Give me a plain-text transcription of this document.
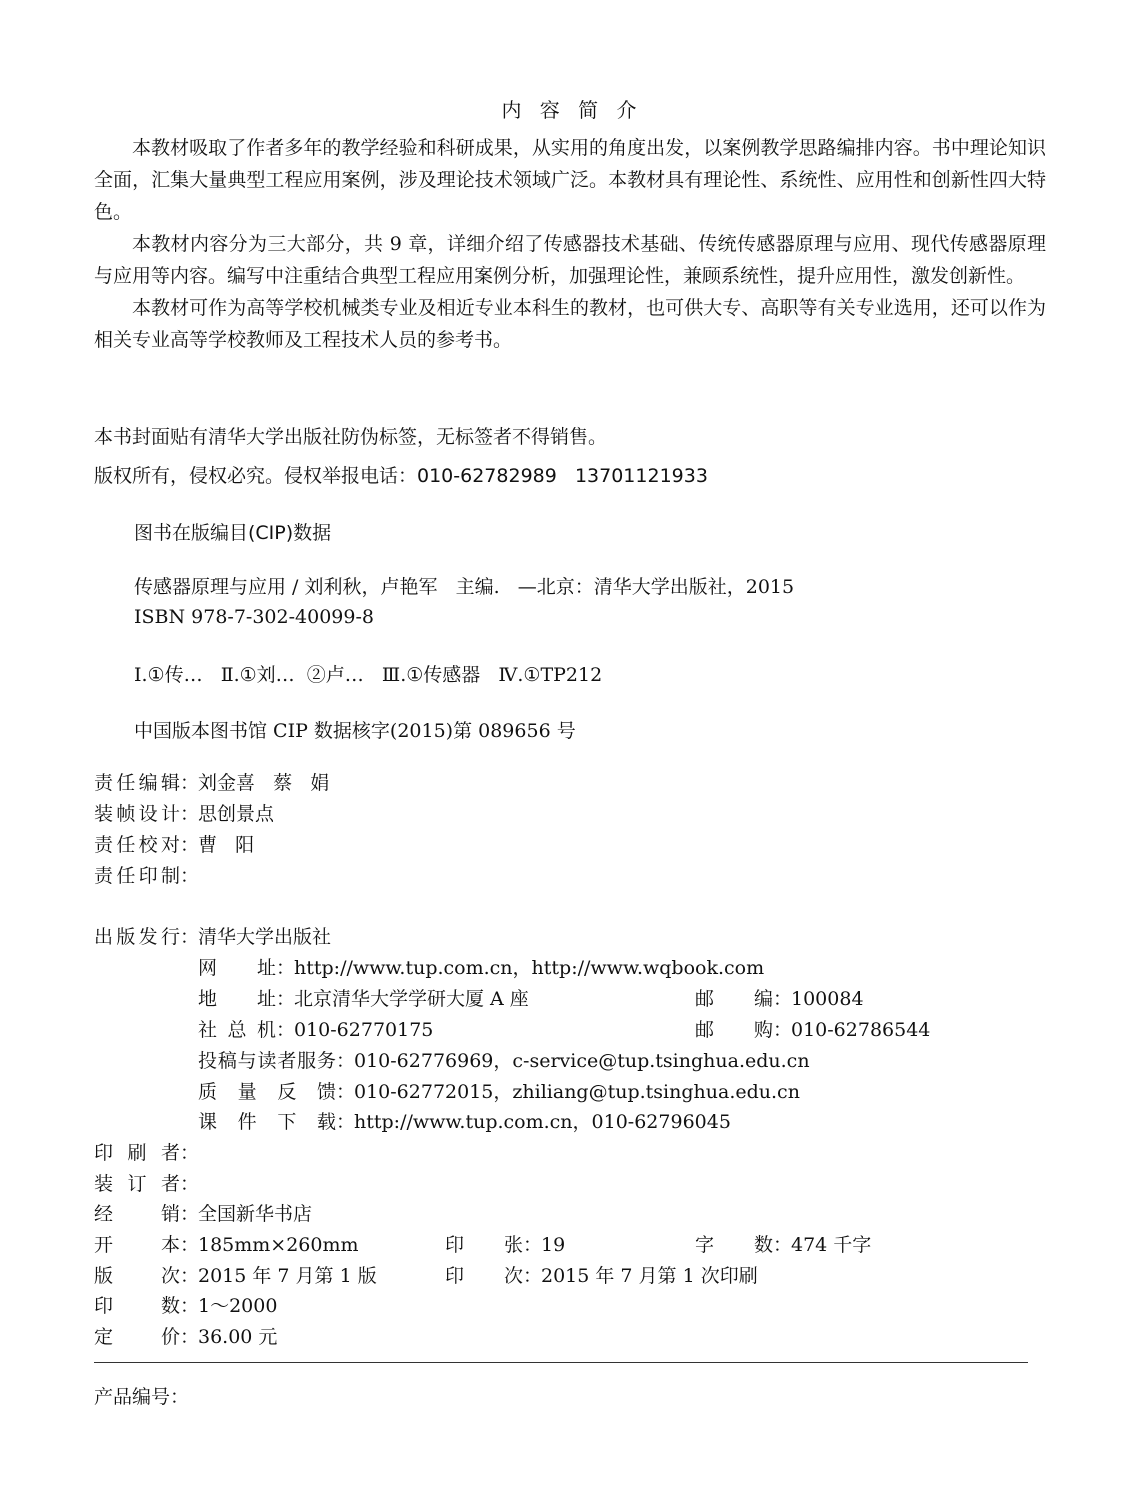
内 容 简 介

本教材吸取了作者多年的教学经验和科研成果，从实用的角度出发，以案例教学思路编排内容。书中理论知识全面，汇集大量典型工程应用案例，涉及理论技术领域广泛。本教材具有理论性、系统性、应用性和创新性四大特色。

本教材内容分为三大部分，共 9 章，详细介绍了传感器技术基础、传统传感器原理与应用、现代传感器原理与应用等内容。编写中注重结合典型工程应用案例分析，加强理论性，兼顾系统性，提升应用性，激发创新性。

本教材可作为高等学校机械类专业及相近专业本科生的教材，也可供大专、高职等有关专业选用，还可以作为相关专业高等学校教师及工程技术人员的参考书。

本书封面贴有清华大学出版社防伪标签，无标签者不得销售。
版权所有，侵权必究。侵权举报电话：010-62782989   13701121933
图书在版编目(CIP)数据
传感器原理与应用 / 刘利秋，卢艳军   主编.   —北京：清华大学出版社，2015
ISBN 978-7-302-40099-8
Ⅰ.①传…   Ⅱ.①刘…  ②卢…   Ⅲ.①传感器   Ⅳ.①TP212
中国版本图书馆 CIP 数据核字(2015)第 089656 号
责任编辑：刘金喜   蔡   娟
装帧设计：思创景点
责任校对：曹   阳
责任印制：
出版发行：清华大学出版社
网 址：http://www.tup.com.cn，http://www.wqbook.com
地 址：北京清华大学学研大厦 A 座	邮 编：100084
社 总 机：010-62770175	邮 购：010-62786544
投稿与读者服务：010-62776969，c-service@tup.tsinghua.edu.cn
质 量 反 馈：010-62772015，zhiliang@tup.tsinghua.edu.cn
课 件 下 载：http://www.tup.com.cn，010-62796045
印 刷 者：
装 订 者：
经 销：全国新华书店
开 本：185mm×260mm	印 张：19	字 数：474 千字
版 次：2015 年 7 月第 1 版	印 次：2015 年 7 月第 1 次印刷
印 数：1～2000
定 价：36.00 元
产品编号：
